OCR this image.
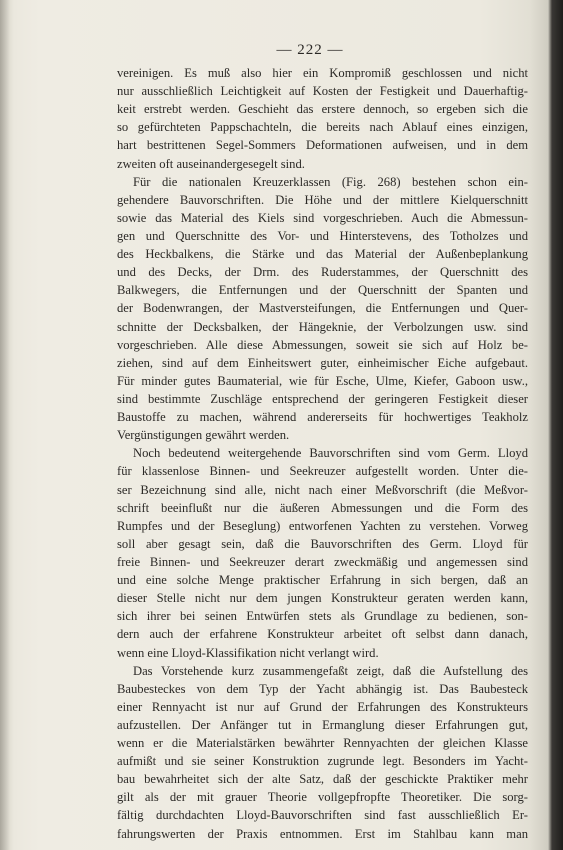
— 222 —
vereinigen. Es muß also hier ein Kompromiß geschlossen und nicht
nur ausschließlich Leichtigkeit auf Kosten der Festigkeit und Dauerhaftig-
keit erstrebt werden. Geschieht das erstere dennoch, so ergeben sich die
so gefürchteten Pappschachteln, die bereits nach Ablauf eines einzigen,
hart bestrittenen Segel-Sommers Deformationen aufweisen, und in dem
zweiten oft auseinandergesegelt sind.
Für die nationalen Kreuzerklassen (Fig. 268) bestehen schon ein-
gehendere Bauvorschriften. Die Höhe und der mittlere Kielquerschnitt
sowie das Material des Kiels sind vorgeschrieben. Auch die Abmessun-
gen und Querschnitte des Vor- und Hinterstevens, des Totholzes und
des Heckbalkens, die Stärke und das Material der Außenbeplankung
und des Decks, der Drm. des Ruderstammes, der Querschnitt des
Balkwegers, die Entfernungen und der Querschnitt der Spanten und
der Bodenwrangen, der Mastversteifungen, die Entfernungen und Quer-
schnitte der Decksbalken, der Hängeknie, der Verbolzungen usw. sind
vorgeschrieben. Alle diese Abmessungen, soweit sie sich auf Holz be-
ziehen, sind auf dem Einheitswert guter, einheimischer Eiche aufgebaut.
Für minder gutes Baumaterial, wie für Esche, Ulme, Kiefer, Gaboon usw.,
sind bestimmte Zuschläge entsprechend der geringeren Festigkeit dieser
Baustoffe zu machen, während andererseits für hochwertiges Teakholz
Vergünstigungen gewährt werden.
Noch bedeutend weitergehende Bauvorschriften sind vom Germ. Lloyd
für klassenlose Binnen- und Seekreuzer aufgestellt worden. Unter die-
ser Bezeichnung sind alle, nicht nach einer Meßvorschrift (die Meßvor-
schrift beeinflußt nur die äußeren Abmessungen und die Form des
Rumpfes und der Beseglung) entworfenen Yachten zu verstehen. Vorweg
soll aber gesagt sein, daß die Bauvorschriften des Germ. Lloyd für
freie Binnen- und Seekreuzer derart zweckmäßig und angemessen sind
und eine solche Menge praktischer Erfahrung in sich bergen, daß an
dieser Stelle nicht nur dem jungen Konstrukteur geraten werden kann,
sich ihrer bei seinen Entwürfen stets als Grundlage zu bedienen, son-
dern auch der erfahrene Konstrukteur arbeitet oft selbst dann danach,
wenn eine Lloyd-Klassifikation nicht verlangt wird.
Das Vorstehende kurz zusammengefaßt zeigt, daß die Aufstellung des
Baubesteckes von dem Typ der Yacht abhängig ist. Das Baubesteck
einer Rennyacht ist nur auf Grund der Erfahrungen des Konstrukteurs
aufzustellen. Der Anfänger tut in Ermanglung dieser Erfahrungen gut,
wenn er die Materialstärken bewährter Rennyachten der gleichen Klasse
aufmißt und sie seiner Konstruktion zugrunde legt. Besonders im Yacht-
bau bewahrheitet sich der alte Satz, daß der geschickte Praktiker mehr
gilt als der mit grauer Theorie vollgepfropfte Theoretiker. Die sorg-
fältig durchdachten Lloyd-Bauvorschriften sind fast ausschließlich Er-
fahrungswerten der Praxis entnommen. Erst im Stahlbau kann man
